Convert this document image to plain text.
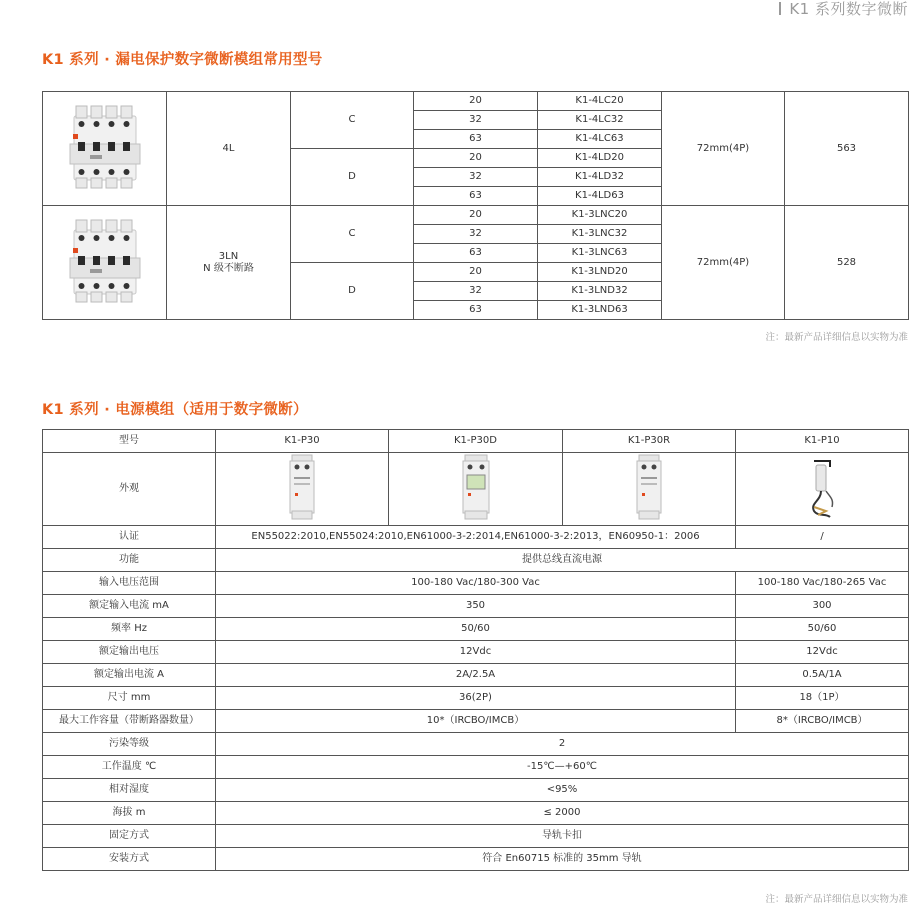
K1 系列数字微断
K1 系列 · 漏电保护数字微断模组常用型号

4L	C	20	K1-4LC20	72mm(4P)	563
			32	K1-4LC32		
			63	K1-4LC63		
		D	20	K1-4LD20		
			32	K1-4LD32		
			63	K1-4LD63		

3LN
N 级不断路	C	20	K1-3LNC20	72mm(4P)	528
			32	K1-3LNC32		
			63	K1-3LNC63		
		D	20	K1-3LND20		
			32	K1-3LND32		
			63	K1-3LND63		
注：最新产品详细信息以实物为准
K1 系列 · 电源模组（适用于数字微断）
型号	K1-P30	K1-P30D	K1-P30R	K1-P10
外观				
认证	EN55022:2010,EN55024:2010,EN61000-3-2:2014,EN61000-3-2:2013，EN60950-1：2006			/
功能	提供总线直流电源			
输入电压范围	100-180 Vac/180-300 Vac			100-180 Vac/180-265 Vac
额定输入电流 mA	350			300
频率 Hz	50/60			50/60
额定输出电压	12Vdc			12Vdc
额定输出电流 A	2A/2.5A			0.5A/1A
尺寸 mm	36(2P)			18（1P）
最大工作容量（带断路器数量）	10*（IRCBO/IMCB）			8*（IRCBO/IMCB）
污染等级	2			
工作温度 ℃	-15℃—+60℃			
相对湿度	<95%			
海拔 m	≤ 2000			
固定方式	导轨卡扣			
安装方式	符合 En60715 标准的 35mm 导轨			
注：最新产品详细信息以实物为准
